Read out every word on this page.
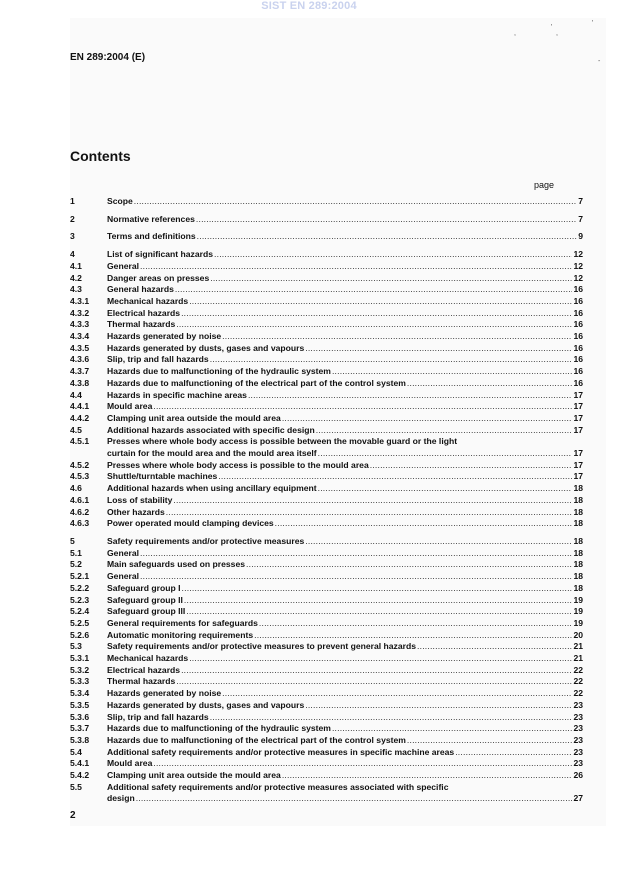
SIST EN 289:2004
,
'
,
'
-
EN 289:2004 (E)
Contents
page
1	Scope .....	7
2	Normative references .....	7
3	Terms and definitions .....	9
4	List of significant hazards .....	12
4.1	General .....	12
4.2	Danger areas on presses .....	12
4.3	General hazards .....	16
4.3.1	Mechanical hazards .....	16
4.3.2	Electrical hazards .....	16
4.3.3	Thermal hazards .....	16
4.3.4	Hazards generated by noise .....	16
4.3.5	Hazards generated by dusts, gases and vapours .....	16
4.3.6	Slip, trip and fall hazards .....	16
4.3.7	Hazards due to malfunctioning of the hydraulic system .....	16
4.3.8	Hazards due to malfunctioning of the electrical part of the control system .....	16
4.4	Hazards in specific machine areas .....	17
4.4.1	Mould area .....	17
4.4.2	Clamping unit area outside the mould area .....	17
4.5	Additional hazards associated with specific design .....	17
4.5.1	Presses where whole body access is possible between the movable guard or the light
curtain for the mould area and the mould area itself .....	17
4.5.2	Presses where whole body access is possible to the mould area .....	17
4.5.3	Shuttle/turntable machines .....	17
4.6	Additional hazards when using ancillary equipment .....	18
4.6.1	Loss of stability .....	18
4.6.2	Other hazards .....	18
4.6.3	Power operated mould clamping devices .....	18
5	Safety requirements and/or protective measures .....	18
5.1	General .....	18
5.2	Main safeguards used on presses .....	18
5.2.1	General .....	18
5.2.2	Safeguard group I .....	18
5.2.3	Safeguard group II .....	19
5.2.4	Safeguard group III .....	19
5.2.5	General requirements for safeguards .....	19
5.2.6	Automatic monitoring requirements .....	20
5.3	Safety requirements and/or protective measures to prevent general hazards .....	21
5.3.1	Mechanical hazards .....	21
5.3.2	Electrical hazards .....	22
5.3.3	Thermal hazards .....	22
5.3.4	Hazards generated by noise .....	22
5.3.5	Hazards generated by dusts, gases and vapours .....	23
5.3.6	Slip, trip and fall hazards .....	23
5.3.7	Hazards due to malfunctioning of the hydraulic system .....	23
5.3.8	Hazards due to malfunctioning of the electrical part of the control system .....	23
5.4	Additional safety requirements and/or protective measures in specific machine areas .....	23
5.4.1	Mould area .....	23
5.4.2	Clamping unit area outside the mould area .....	26
5.5	Additional safety requirements and/or protective measures associated with specific
design .....	27
2
